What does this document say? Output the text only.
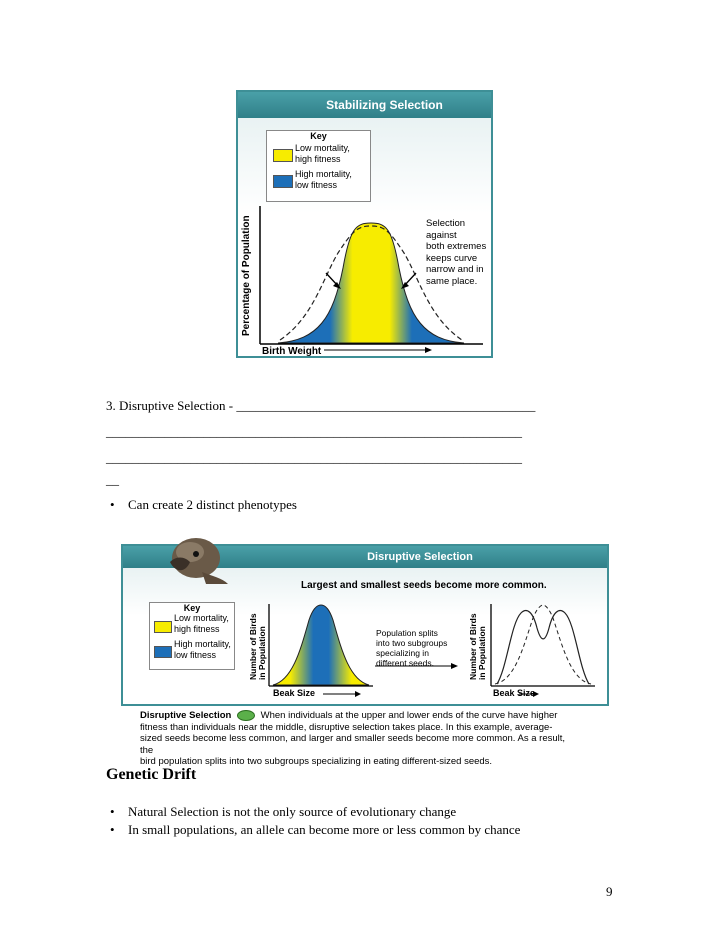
Stabilizing Selection
Key
Low mortality,
high fitness
High mortality,
low fitness
Percentage of Population
Birth Weight
Selection
against
both extremes
keeps curve
narrow and in
same place.
3. Disruptive Selection - ______________________________________________
________________________________________________________________
________________________________________________________________
__
• Can create 2 distinct phenotypes
Disruptive Selection
Largest and smallest seeds become more common.
Key
Low mortality,
high fitness
High mortality,
low fitness	Number of Birds in Population
Beak Size
Population splits
into two subgroups
specializing in
different seeds.	Number of Birds in Population
Beak Size
Disruptive Selection	When individuals at the upper and lower ends of the curve have higher
fitness than individuals near the middle, disruptive selection takes place. In this example, average-
sized seeds become less common, and larger and smaller seeds become more common. As a result, the
bird population splits into two subgroups specializing in eating different-sized seeds.
Genetic Drift
• Natural Selection is not the only source of evolutionary change
• In small populations, an allele can become more or less common by chance
9
